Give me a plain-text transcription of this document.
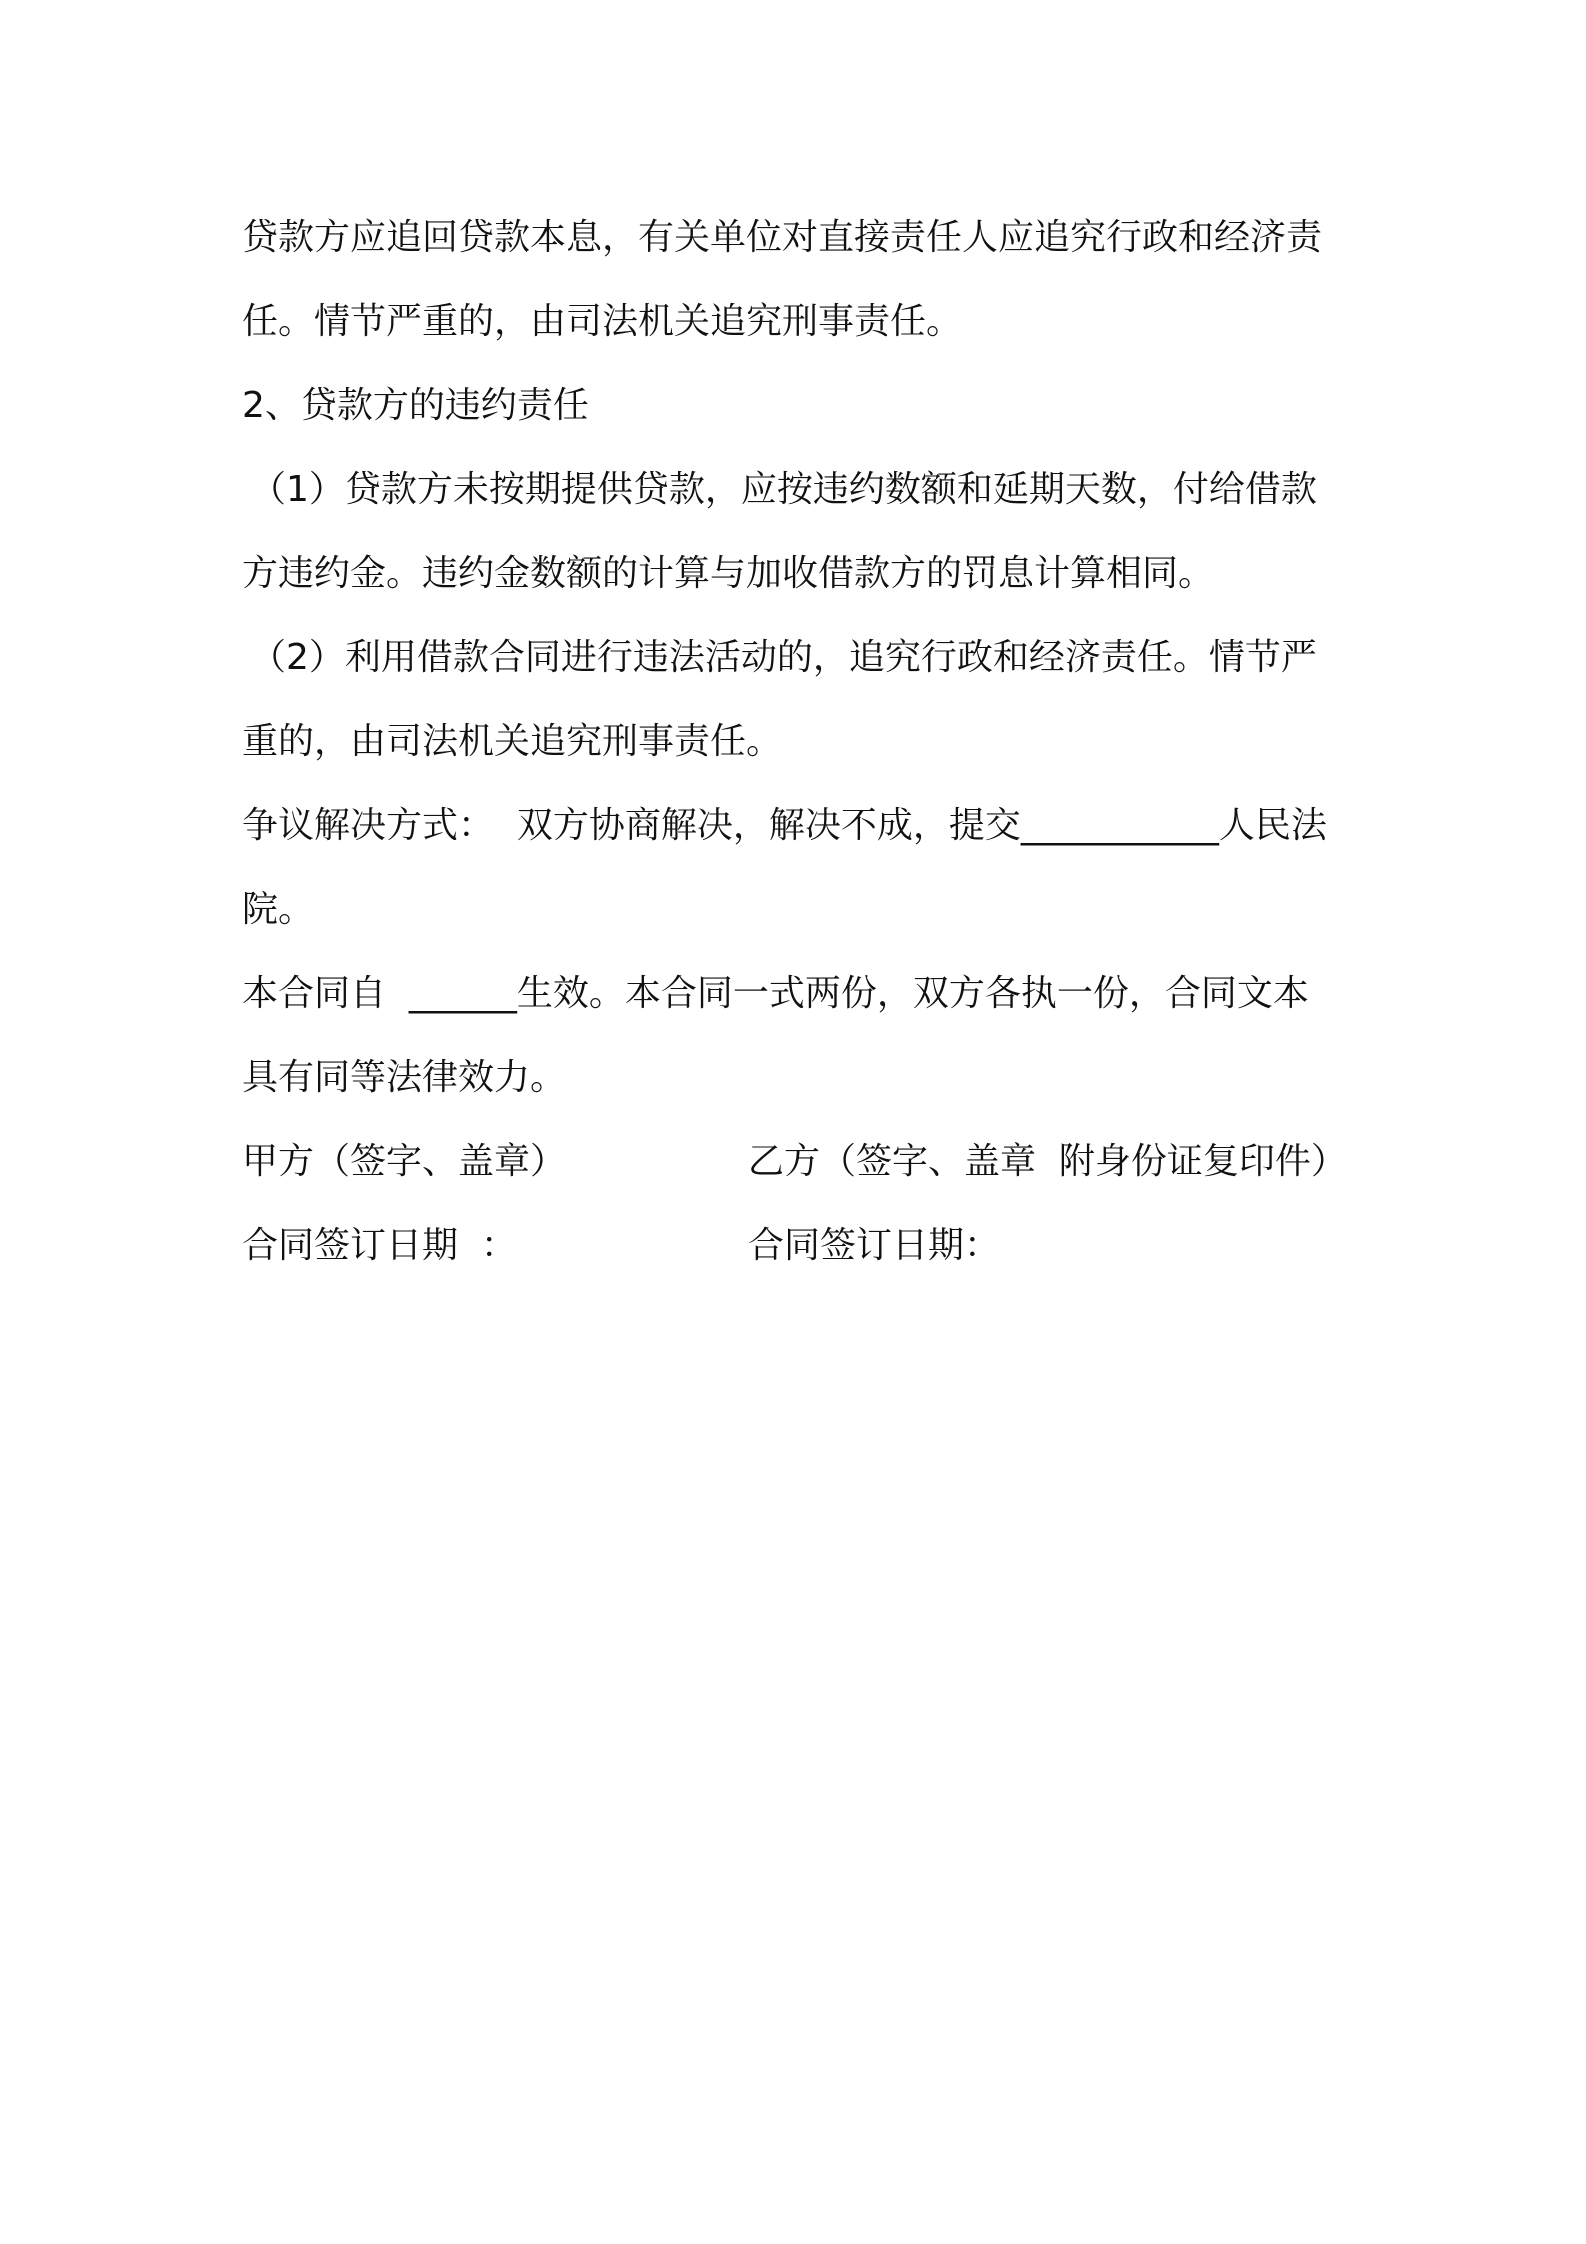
贷款方应追回贷款本息，有关单位对直接责任人应追究行政和经济责

任。情节严重的，由司法机关追究刑事责任。

2、贷款方的违约责任

（1）贷款方未按期提供贷款，应按违约数额和延期天数，付给借款

方违约金。违约金数额的计算与加收借款方的罚息计算相同。

（2）利用借款合同进行违法活动的，追究行政和经济责任。情节严

重的，由司法机关追究刑事责任。

争议解决方式：  双方协商解决，解决不成，提交___________人民法

院。

本合同自  ______生效。本合同一式两份，双方各执一份，合同文本

具有同等法律效力。

甲方（签字、盖章）	乙方（签字、盖章  附身份证复印件）
合同签订日期  ：	合同签订日期：
